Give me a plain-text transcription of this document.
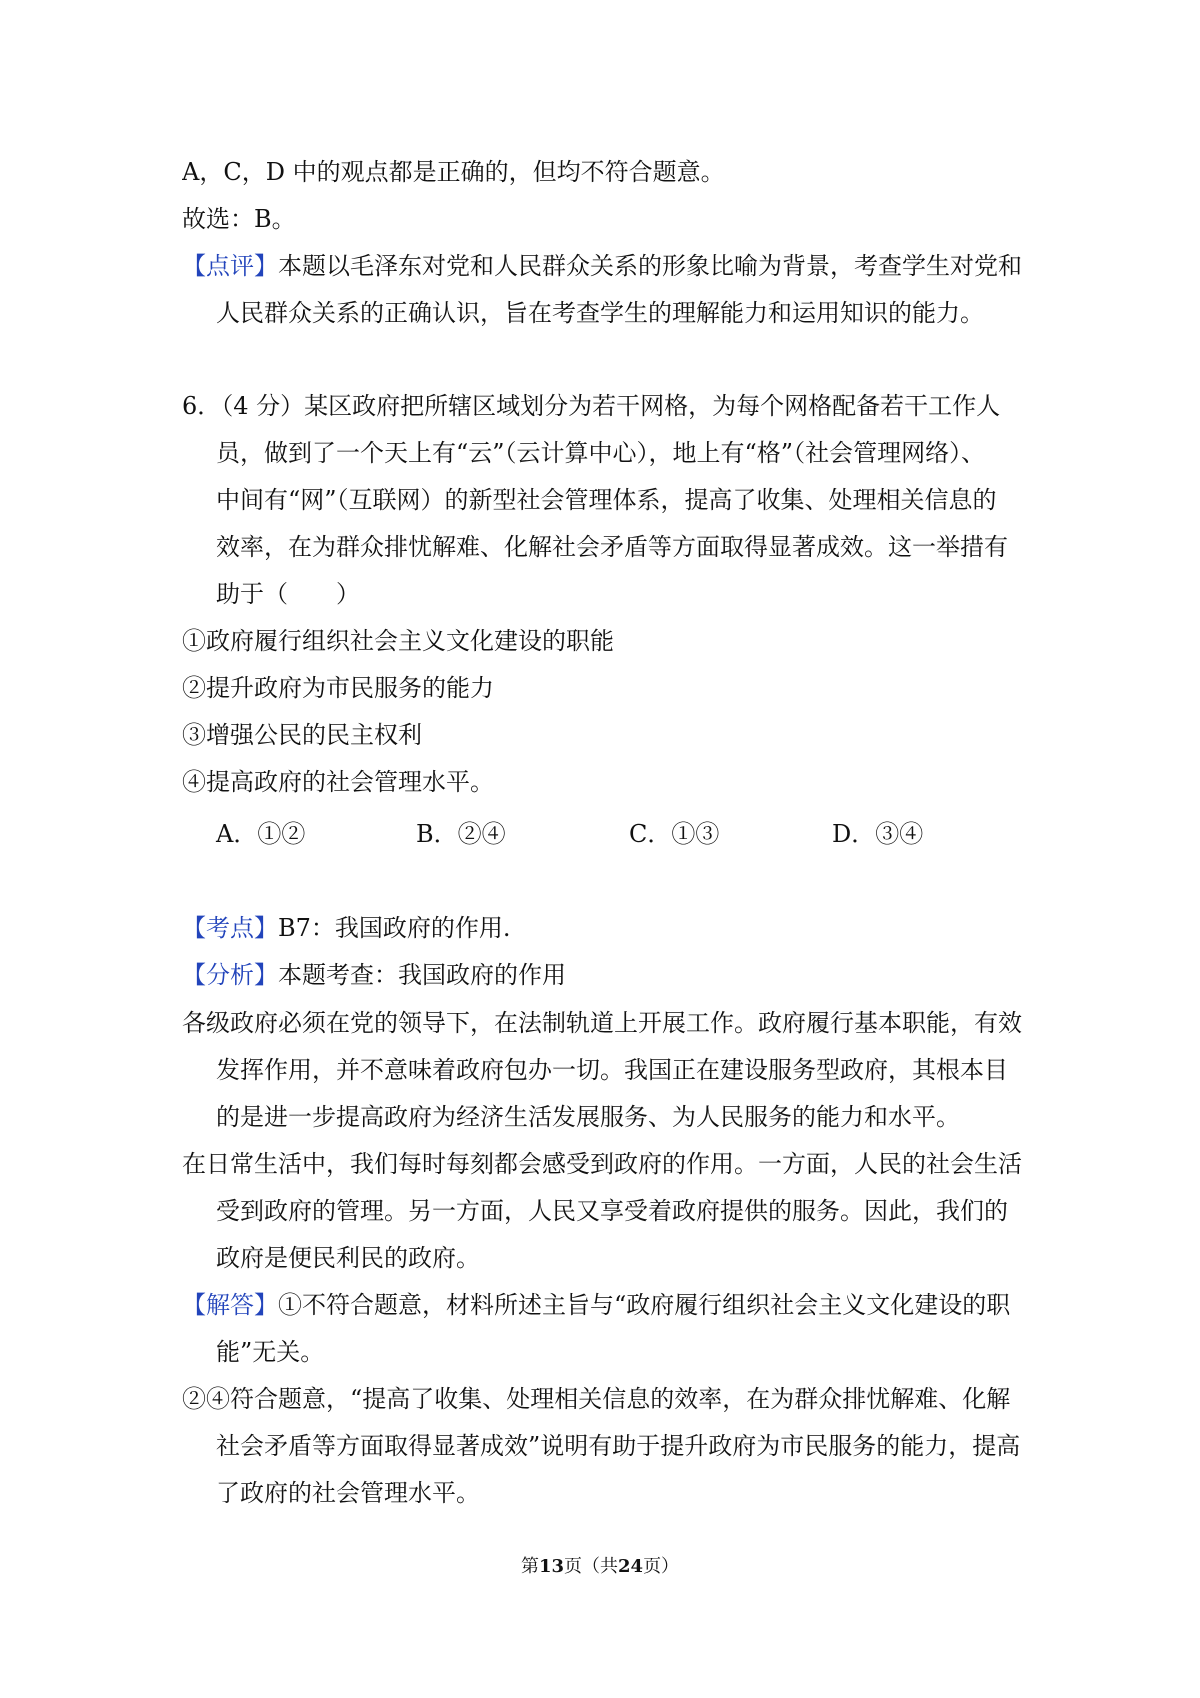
A，C，D 中的观点都是正确的，但均不符合题意。
故选：B。
【点评】本题以毛泽东对党和人民群众关系的形象比喻为背景，考查学生对党和
人民群众关系的正确认识，旨在考查学生的理解能力和运用知识的能力。
6．（4 分）某区政府把所辖区域划分为若干网格，为每个网格配备若干工作人
员，做到了一个天上有“云”（云计算中心），地上有“格”（社会管理网络）、
中间有“网”（互联网）的新型社会管理体系，提高了收集、处理相关信息的
效率，在为群众排忧解难、化解社会矛盾等方面取得显著成效。这一举措有
助于（　　）
①政府履行组织社会主义文化建设的职能
②提升政府为市民服务的能力
③增强公民的民主权利
④提高政府的社会管理水平。
A．①②	B．②④	C．①③	D．③④
【考点】B7：我国政府的作用.
【分析】本题考查：我国政府的作用
各级政府必须在党的领导下，在法制轨道上开展工作。政府履行基本职能，有效
发挥作用，并不意味着政府包办一切。我国正在建设服务型政府，其根本目
的是进一步提高政府为经济生活发展服务、为人民服务的能力和水平。
在日常生活中，我们每时每刻都会感受到政府的作用。一方面，人民的社会生活
受到政府的管理。另一方面，人民又享受着政府提供的服务。因此，我们的
政府是便民利民的政府。
【解答】①不符合题意，材料所述主旨与“政府履行组织社会主义文化建设的职
能”无关。
②④符合题意，“提高了收集、处理相关信息的效率，在为群众排忧解难、化解
社会矛盾等方面取得显著成效”说明有助于提升政府为市民服务的能力，提高
了政府的社会管理水平。
第13页（共24页）
